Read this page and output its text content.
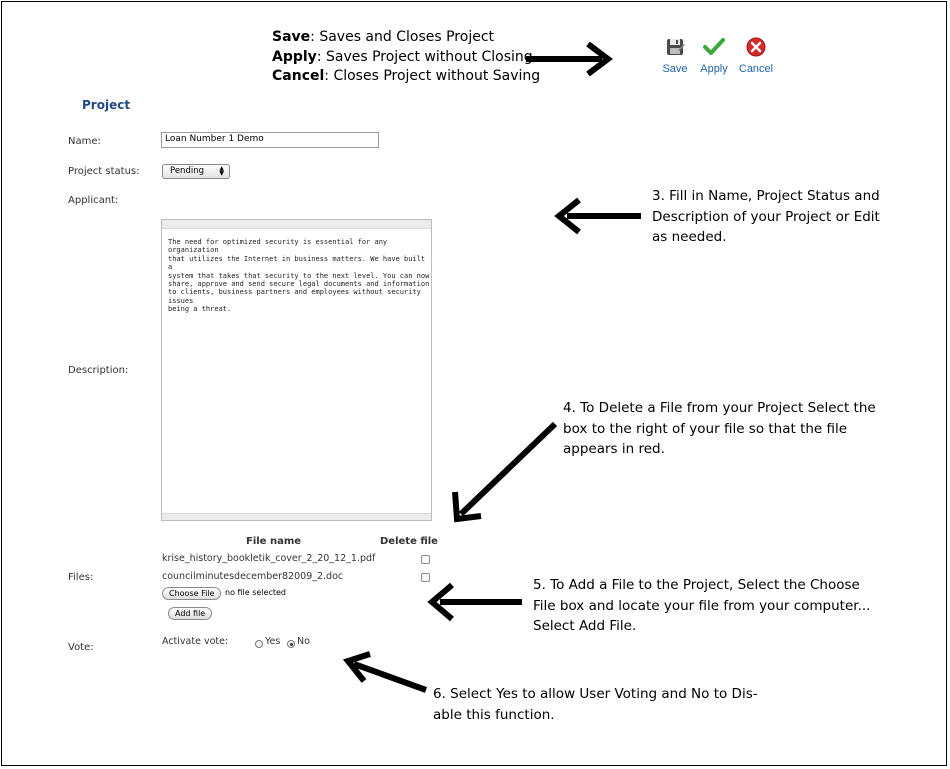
Save: Saves and Closes Project
Apply: Saves Project without Closing
Cancel: Closes Project without Saving	Save	Apply	Cancel
Project
Name:	Loan Number 1 Demo
Project status:	Pending	▲
▼
Applicant:
Description:
The need for optimized security is essential for any organization
that utilizes the Internet in business matters. We have built a
system that takes that security to the next level. You can now
share, approve and send secure legal documents and information
to clients, business partners and employees without security issues
being a threat.
File name	Delete file
krise_history_bookletik_cover_2_20_12_1.pdf
councilminutesdecember82009_2.doc
Files:
Choose File	no file selected
Add file
Vote:
Activate vote:	Yes No
3. Fill in Name, Project Status and
Description of your Project or Edit
as needed.
4. To Delete a File from your Project Select the
box to the right of your file so that the file
appears in red.
5. To Add a File to the Project, Select the Choose
File box and locate your file from your computer...
Select Add File.
6. Select Yes to allow User Voting and No to Dis-
able this function.
